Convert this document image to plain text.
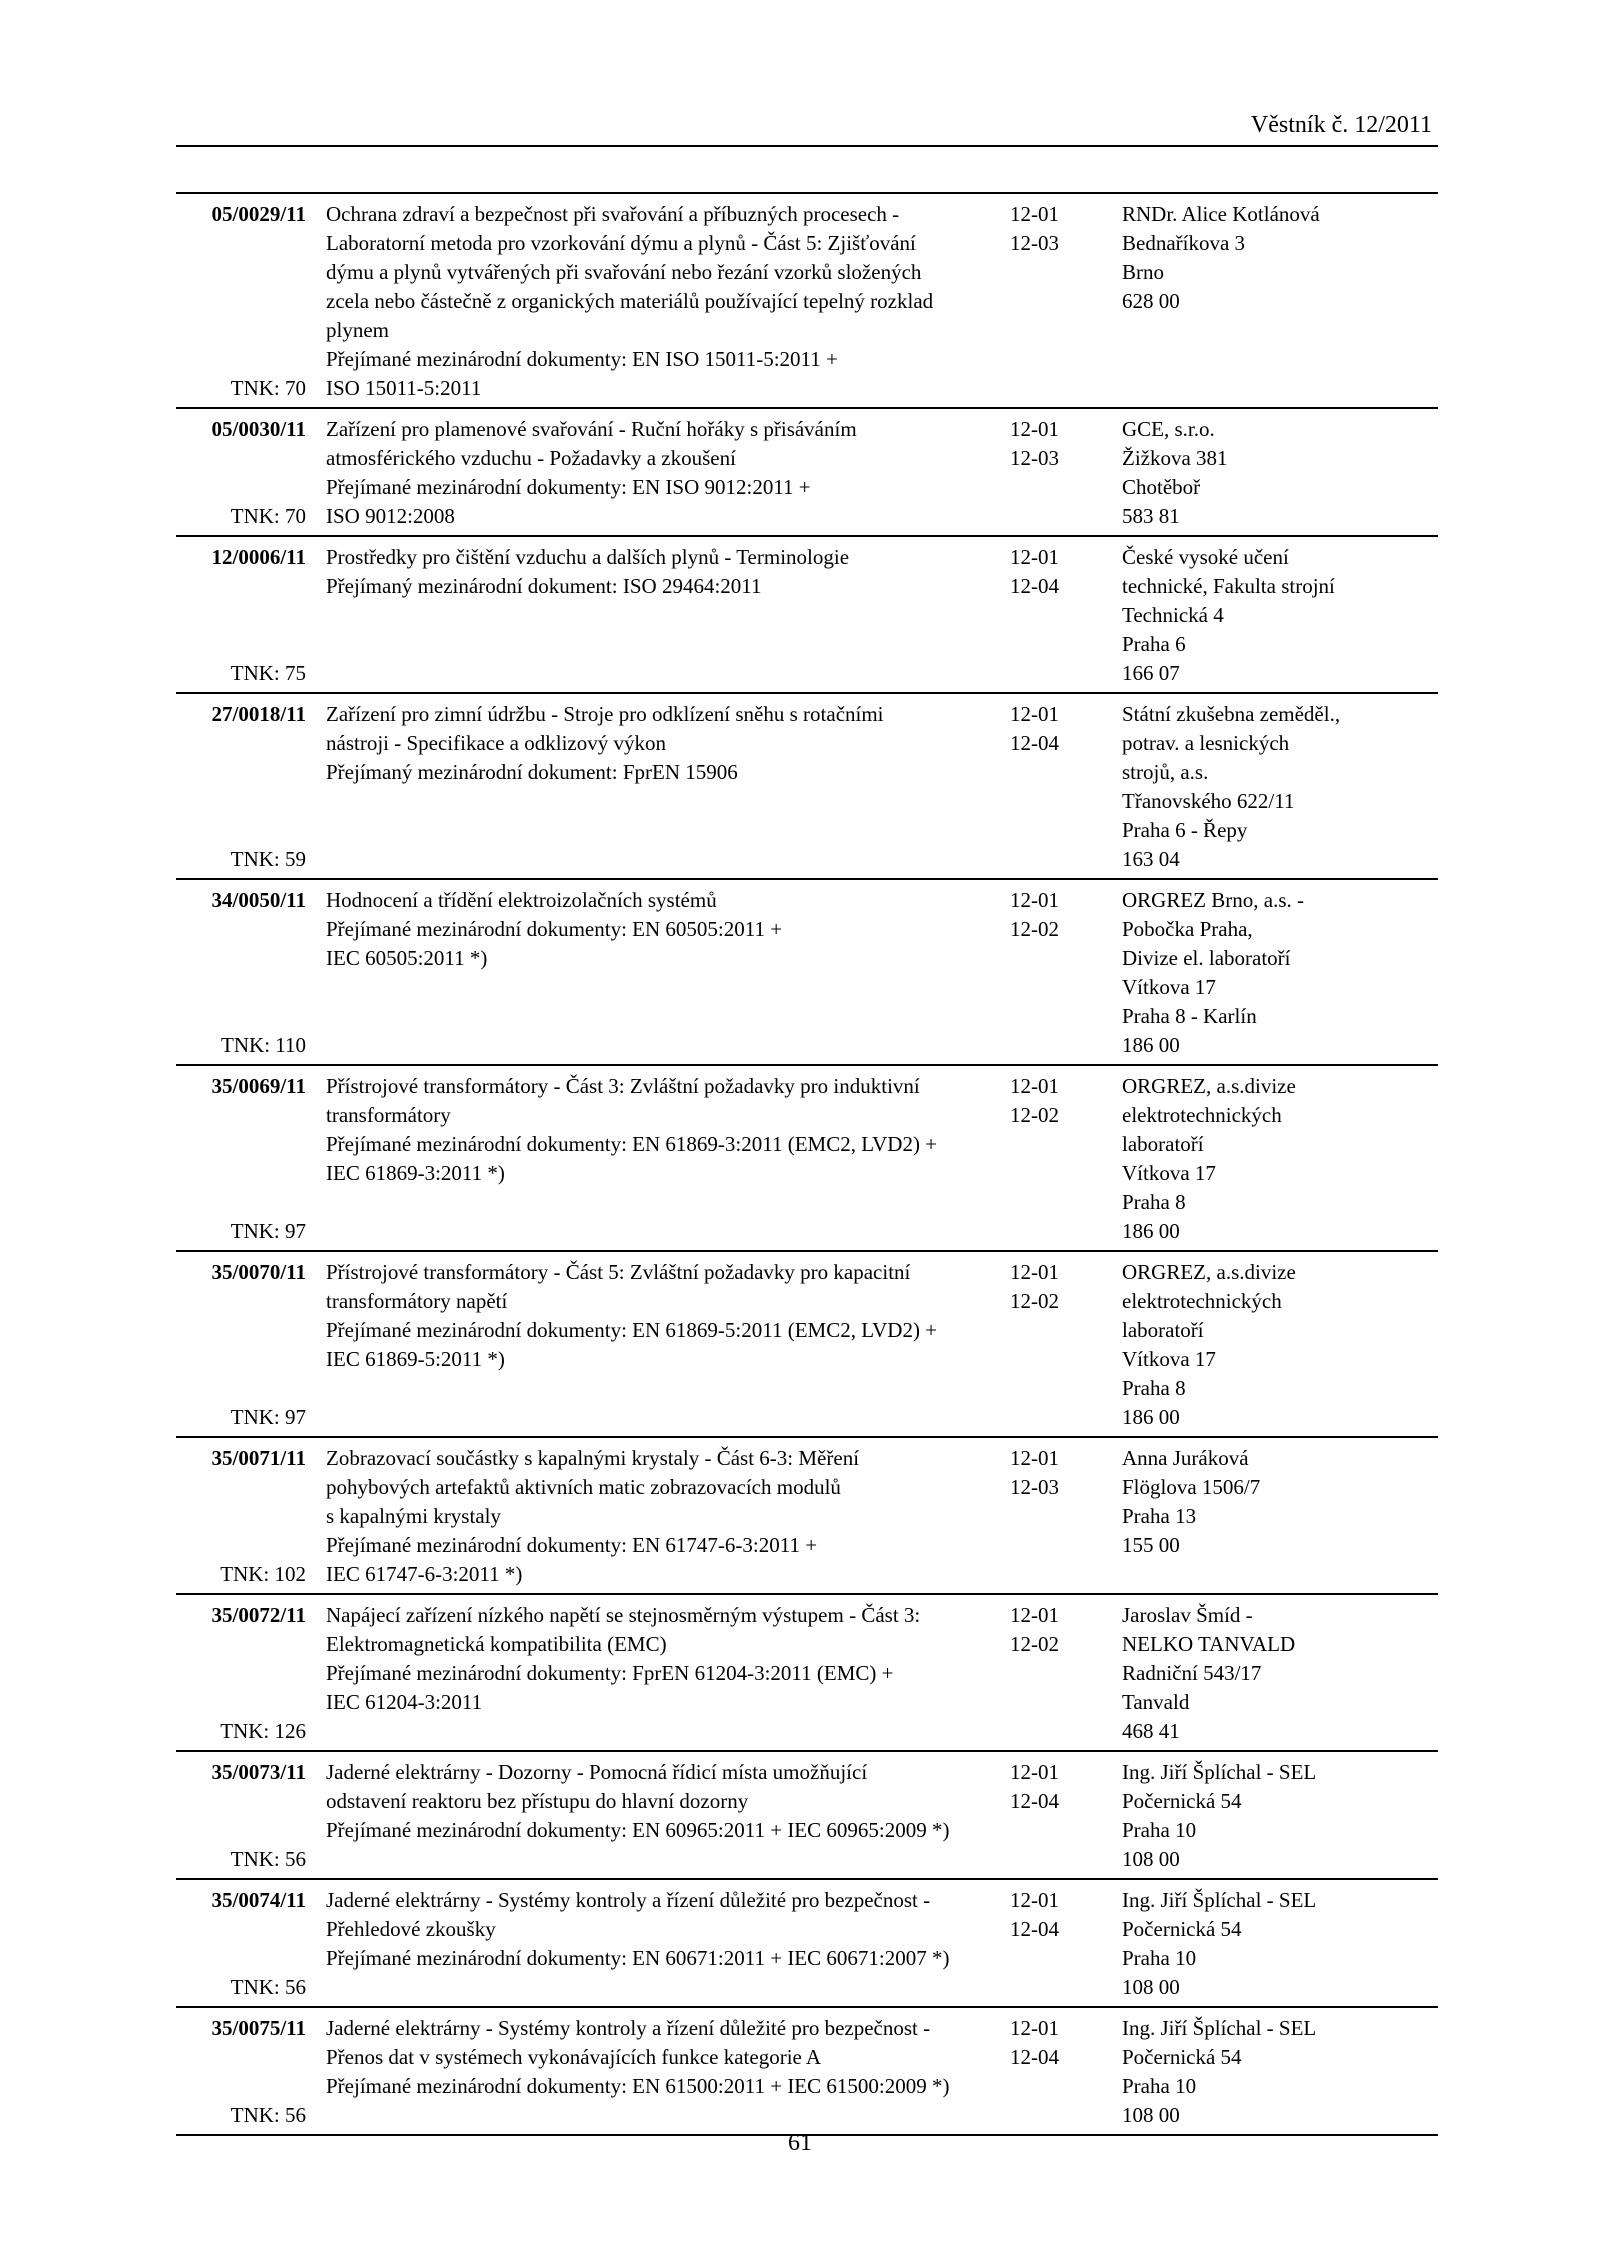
Věstník č. 12/2011
05/0029/11
TNK: 70
Ochrana zdraví a bezpečnost při svařování a příbuzných procesech -
Laboratorní metoda pro vzorkování dýmu a plynů - Část 5: Zjišťování
dýmu a plynů vytvářených při svařování nebo řezání vzorků složených
zcela nebo částečně z organických materiálů používající tepelný rozklad
plynem
Přejímané mezinárodní dokumenty: EN ISO 15011-5:2011 +
ISO 15011-5:2011
12-01
12-03
RNDr. Alice Kotlánová
Bednaříkova 3
Brno
628 00
05/0030/11
TNK: 70
Zařízení pro plamenové svařování - Ruční hořáky s přisáváním
atmosférického vzduchu - Požadavky a zkoušení
Přejímané mezinárodní dokumenty: EN ISO 9012:2011 +
ISO 9012:2008
12-01
12-03
GCE, s.r.o.
Žižkova 381
Chotěboř
583 81
12/0006/11
TNK: 75
Prostředky pro čištění vzduchu a dalších plynů - Terminologie
Přejímaný mezinárodní dokument: ISO 29464:2011
12-01
12-04
České vysoké učení
technické, Fakulta strojní
Technická 4
Praha 6
166 07
27/0018/11
TNK: 59
Zařízení pro zimní údržbu - Stroje pro odklízení sněhu s rotačními
nástroji - Specifikace a odklizový výkon
Přejímaný mezinárodní dokument: FprEN 15906
12-01
12-04
Státní zkušebna zeměděl.,
potrav. a lesnických
strojů, a.s.
Třanovského 622/11
Praha 6 - Řepy
163 04
34/0050/11
TNK: 110
Hodnocení a třídění elektroizolačních systémů
Přejímané mezinárodní dokumenty: EN 60505:2011 +
IEC 60505:2011 *)
12-01
12-02
ORGREZ Brno, a.s. -
Pobočka Praha,
Divize el. laboratoří
Vítkova 17
Praha 8 - Karlín
186 00
35/0069/11
TNK: 97
Přístrojové transformátory - Část 3: Zvláštní požadavky pro induktivní
transformátory
Přejímané mezinárodní dokumenty: EN 61869-3:2011 (EMC2, LVD2) +
IEC 61869-3:2011 *)
12-01
12-02
ORGREZ, a.s.divize
elektrotechnických
laboratoří
Vítkova 17
Praha 8
186 00
35/0070/11
TNK: 97
Přístrojové transformátory - Část 5: Zvláštní požadavky pro kapacitní
transformátory napětí
Přejímané mezinárodní dokumenty: EN 61869-5:2011 (EMC2, LVD2) +
IEC 61869-5:2011 *)
12-01
12-02
ORGREZ, a.s.divize
elektrotechnických
laboratoří
Vítkova 17
Praha 8
186 00
35/0071/11
TNK: 102
Zobrazovací součástky s kapalnými krystaly - Část 6-3: Měření
pohybových artefaktů aktivních matic zobrazovacích modulů
s kapalnými krystaly
Přejímané mezinárodní dokumenty: EN 61747-6-3:2011 +
IEC 61747-6-3:2011 *)
12-01
12-03
Anna Juráková
Flöglova 1506/7
Praha 13
155 00
35/0072/11
TNK: 126
Napájecí zařízení nízkého napětí se stejnosměrným výstupem - Část 3:
Elektromagnetická kompatibilita (EMC)
Přejímané mezinárodní dokumenty: FprEN 61204-3:2011 (EMC) +
IEC 61204-3:2011
12-01
12-02
Jaroslav Šmíd -
NELKO TANVALD
Radniční 543/17
Tanvald
468 41
35/0073/11
TNK: 56
Jaderné elektrárny - Dozorny - Pomocná řídicí místa umožňující
odstavení reaktoru bez přístupu do hlavní dozorny
Přejímané mezinárodní dokumenty: EN 60965:2011 + IEC 60965:2009 *)
12-01
12-04
Ing. Jiří Šplíchal - SEL
Počernická 54
Praha 10
108 00
35/0074/11
TNK: 56
Jaderné elektrárny - Systémy kontroly a řízení důležité pro bezpečnost -
Přehledové zkoušky
Přejímané mezinárodní dokumenty: EN 60671:2011 + IEC 60671:2007 *)
12-01
12-04
Ing. Jiří Šplíchal - SEL
Počernická 54
Praha 10
108 00
35/0075/11
TNK: 56
Jaderné elektrárny - Systémy kontroly a řízení důležité pro bezpečnost -
Přenos dat v systémech vykonávajících funkce kategorie A
Přejímané mezinárodní dokumenty: EN 61500:2011 + IEC 61500:2009 *)
12-01
12-04
Ing. Jiří Šplíchal - SEL
Počernická 54
Praha 10
108 00
61
